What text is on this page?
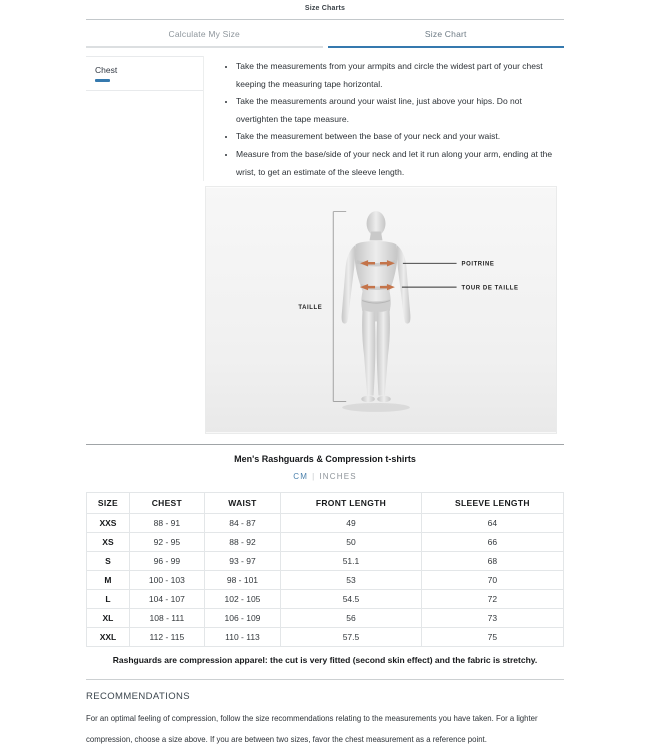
Size Charts
Calculate My Size	Size Chart
Chest	• Take the measurements from your armpits and circle the widest part of your chest keeping the measuring tape horizontal.
• Take the measurements around your waist line, just above your hips. Do not overtighten the tape measure.
• Take the measurement between the base of your neck and your waist.
• Measure from the base/side of your neck and let it run along your arm, ending at the wrist, to get an estimate of the sleeve length.
TAILLE
POITRINE
TOUR DE TAILLE
Men's Rashguards & Compression t-shirts
CM | INCHES
SIZE	CHEST	WAIST	FRONT LENGTH	SLEEVE LENGTH
XXS	88 - 91	84 - 87	49	64
XS	92 - 95	88 - 92	50	66
S	96 - 99	93 - 97	51.1	68
M	100 - 103	98 - 101	53	70
L	104 - 107	102 - 105	54.5	72
XL	108 - 111	106 - 109	56	73
XXL	112 - 115	110 - 113	57.5	75
Rashguards are compression apparel: the cut is very fitted (second skin effect) and the fabric is stretchy.
RECOMMENDATIONS
For an optimal feeling of compression, follow the size recommendations relating to the measurements you have taken. For a lighter compression, choose a size above. If you are between two sizes, favor the chest measurement as a reference point.
